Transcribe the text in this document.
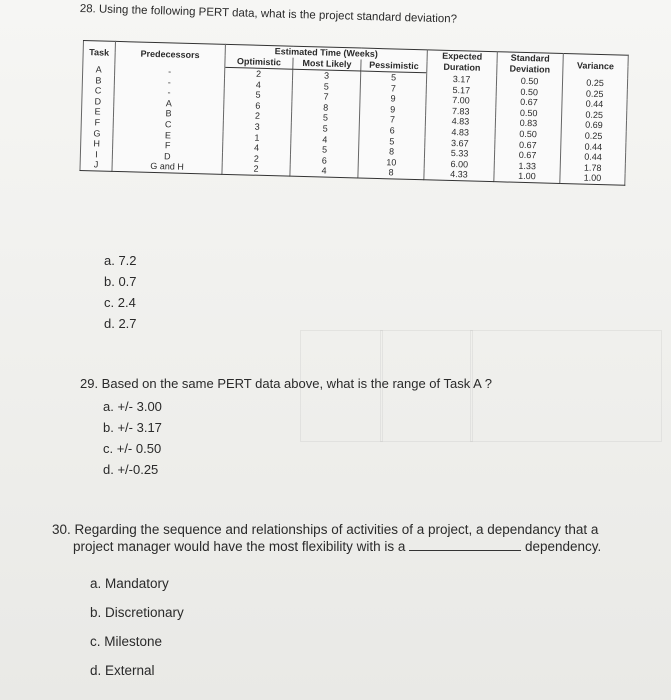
28. Using the following PERT data, what is the project standard deviation?
Task	Predecessors	Estimated Time (Weeks)			Expected Duration	Standard Deviation	Variance
		Optimistic	Most Likely	Pessimistic			
A	-	2	3	5	3.17	0.50	0.25
B	-	4	5	7	5.17	0.50	0.25
C	-	5	7	9	7.00	0.67	0.44
D	A	6	8	9	7.83	0.50	0.25
E	B	2	5	7	4.83	0.83	0.69
F	C	3	5	6	4.83	0.50	0.25
G	E	1	4	5	3.67	0.67	0.44
H	F	4	5	8	5.33	0.67	0.44
I	D	2	6	10	6.00	1.33	1.78
J	G and H	2	4	8	4.33	1.00	1.00
a. 7.2
b. 0.7
c. 2.4
d. 2.7
29. Based on the same PERT data above, what is the range of Task A ?
a. +/- 3.00
b. +/- 3.17
c. +/- 0.50
d. +/-0.25
30. Regarding the sequence and relationships of activities of a project, a dependancy that a
project manager would have the most flexibility with is a	dependency.
a. Mandatory
b. Discretionary
c. Milestone
d. External
